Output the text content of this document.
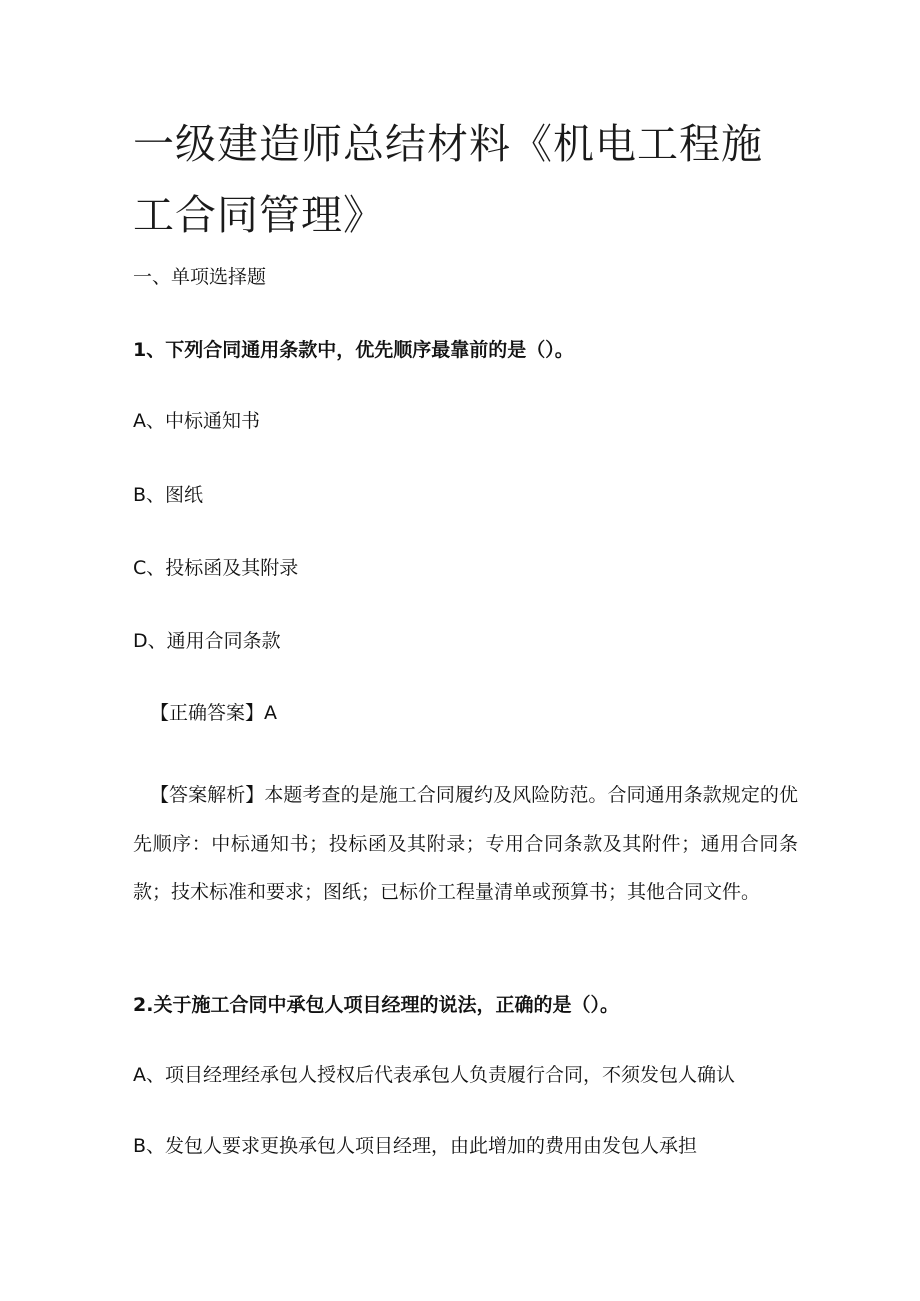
一级建造师总结材料《机电工程施
工合同管理》
一、单项选择题
1、下列合同通用条款中，优先顺序最靠前的是（）。
A、中标通知书
B、图纸
C、投标函及其附录
D、通用合同条款
【正确答案】A

【答案解析】本题考查的是施工合同履约及风险防范。合同通用条款规定的优先顺序：中标通知书；投标函及其附录；专用合同条款及其附件；通用合同条款；技术标准和要求；图纸；已标价工程量清单或预算书；其他合同文件。

2.关于施工合同中承包人项目经理的说法，正确的是（）。
A、项目经理经承包人授权后代表承包人负责履行合同，不须发包人确认
B、发包人要求更换承包人项目经理，由此增加的费用由发包人承担
